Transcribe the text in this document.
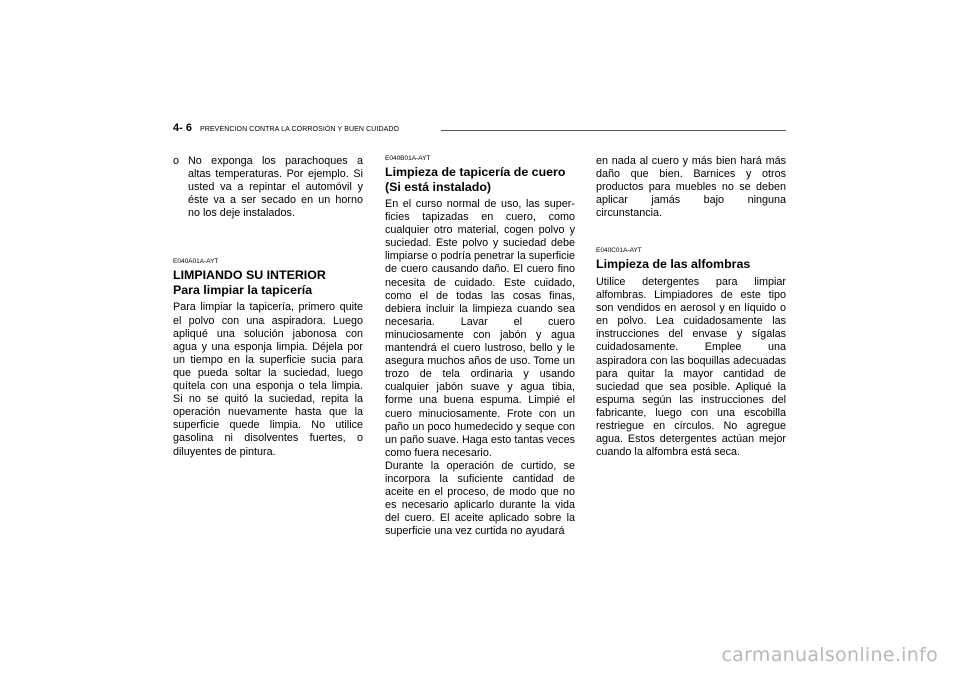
4- 6 PREVENCION CONTRA LA CORROSIÓN Y BUEN CUIDADO
o No exponga los parachoques a altas temperaturas. Por ejemplo. Si usted va a repintar el automóvil y éste va a ser secado en un horno no los deje instalados.
E040A01A-AYT
LIMPIANDO SU INTERIOR
Para limpiar la tapicería
Para limpiar la tapicería, primero quite el polvo con una aspiradora. Luego apliqué una solución jabonosa con agua y una esponja limpia. Déjela por un tiempo en la superficie sucia para que pueda soltar la suciedad, luego quítela con una esponja o tela limpia. Si no se quitó la suciedad, repita la operación nuevamente hasta que la superficie quede limpia. No utilice gasolina ni disolventes fuertes, o diluyentes de pintura.
E040B01A-AYT
Limpieza de tapicería de cuero (Si está instalado)
En el curso normal de uso, las super-ficies tapizadas en cuero, como cualquier otro material, cogen polvo y suciedad. Este polvo y suciedad debe limpiarse o podría penetrar la superficie de cuero causando daño. El cuero fino necesita de cuidado. Este cuidado, como el de todas las cosas finas, debiera incluir la limpieza cuando sea necesaria. Lavar el cuero minuciosamente con jabón y agua mantendrá el cuero lustroso, bello y le asegura muchos años de uso. Tome un trozo de tela ordinaria y usando cualquier jabón suave y agua tibia, forme una buena espuma. Limpié el cuero minuciosamente. Frote con un paño un poco humedecido y seque con un paño suave. Haga esto tantas veces como fuera necesario.
Durante la operación de curtido, se incorpora la suficiente cantidad de aceite en el proceso, de modo que no es necesario aplicarlo durante la vida del cuero. El aceite aplicado sobre la superficie una vez curtida no ayudará
en nada al cuero y más bien hará más daño que bien. Barnices y otros productos para muebles no se deben aplicar jamás bajo ninguna circunstancia.
E040C01A-AYT
Limpieza de las alfombras
Utilice detergentes para limpiar alfombras. Limpiadores de este tipo son vendidos en aerosol y en líquido o en polvo. Lea cuidadosamente las instrucciones del envase y sígalas cuidadosamente. Emplee una aspiradora con las boquillas adecuadas para quitar la mayor cantidad de suciedad que sea posible. Apliqué la espuma según las instrucciones del fabricante, luego con una escobilla restriegue en círculos. No agregue agua. Estos detergentes actúan mejor cuando la alfombra está seca.
carmanualsonline.info
